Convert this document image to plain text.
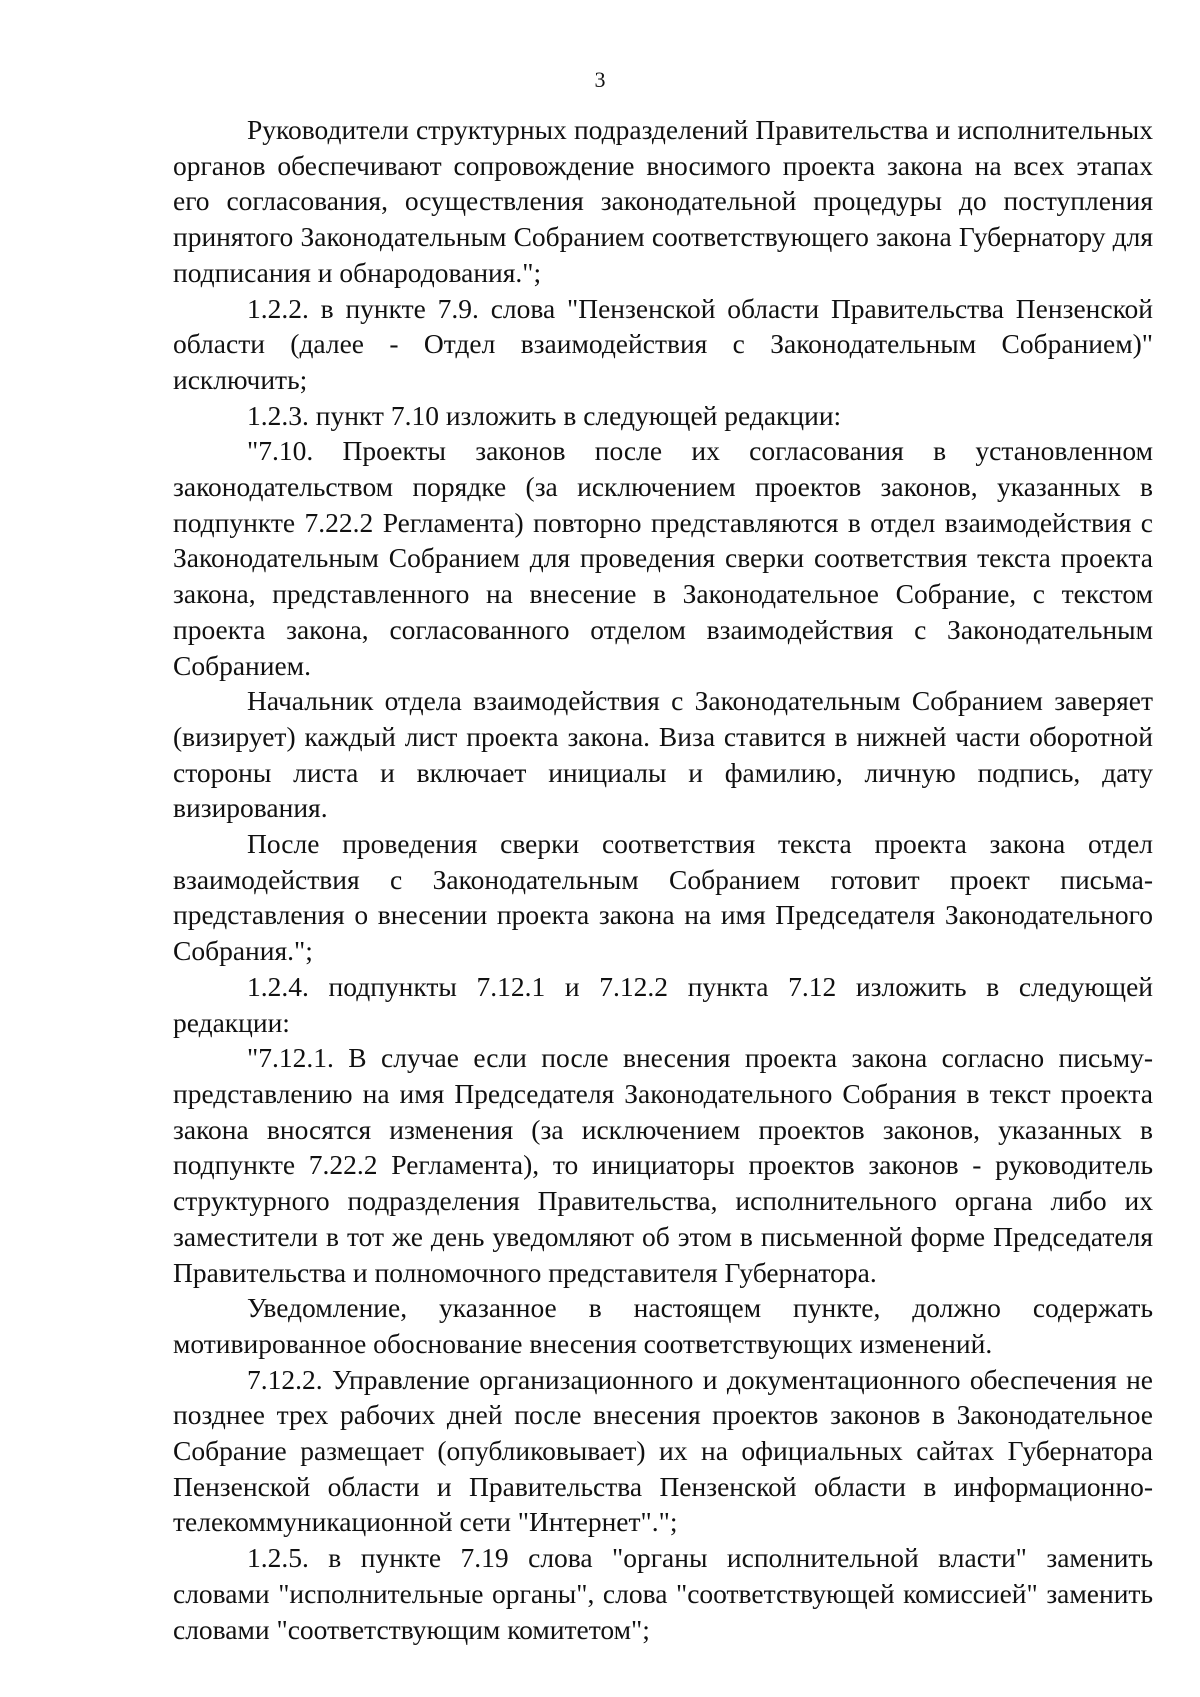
3

Руководители структурных подразделений Правительства и исполнительных органов обеспечивают сопровождение вносимого проекта закона на всех этапах его согласования, осуществления законодательной процедуры до поступления принятого Законодательным Собранием соответствующего закона Губернатору для подписания и обнародования.";

1.2.2. в пункте 7.9. слова "Пензенской области Правительства Пензенской области (далее - Отдел взаимодействия с Законодательным Собранием)" исключить;

1.2.3. пункт 7.10 изложить в следующей редакции:

"7.10. Проекты законов после их согласования в установленном законодательством порядке (за исключением проектов законов, указанных в подпункте 7.22.2 Регламента) повторно представляются в отдел взаимодействия с Законодательным Собранием для проведения сверки соответствия текста проекта закона, представленного на внесение в Законодательное Собрание, с текстом проекта закона, согласованного отделом взаимодействия с Законодательным Собранием.

Начальник отдела взаимодействия с Законодательным Собранием заверяет (визирует) каждый лист проекта закона. Виза ставится в нижней части оборотной стороны листа и включает инициалы и фамилию, личную подпись, дату визирования.

После проведения сверки соответствия текста проекта закона отдел взаимодействия с Законодательным Собранием готовит проект письма-представления о внесении проекта закона на имя Председателя Законодательного Собрания.";

1.2.4. подпункты 7.12.1 и 7.12.2 пункта 7.12 изложить в следующей редакции:

"7.12.1. В случае если после внесения проекта закона согласно письму-представлению на имя Председателя Законодательного Собрания в текст проекта закона вносятся изменения (за исключением проектов законов, указанных в подпункте 7.22.2 Регламента), то инициаторы проектов законов - руководитель структурного подразделения Правительства, исполнительного органа либо их заместители в тот же день уведомляют об этом в письменной форме Председателя Правительства и полномочного представителя Губернатора.

Уведомление, указанное в настоящем пункте, должно содержать мотивированное обоснование внесения соответствующих изменений.

7.12.2. Управление организационного и документационного обеспечения не позднее трех рабочих дней после внесения проектов законов в Законодательное Собрание размещает (опубликовывает) их на официальных сайтах Губернатора Пензенской области и Правительства Пензенской области в информационно-телекоммуникационной сети "Интернет".";

1.2.5. в пункте 7.19 слова "органы исполнительной власти" заменить словами "исполнительные органы", слова "соответствующей комиссией" заменить словами "соответствующим комитетом";
